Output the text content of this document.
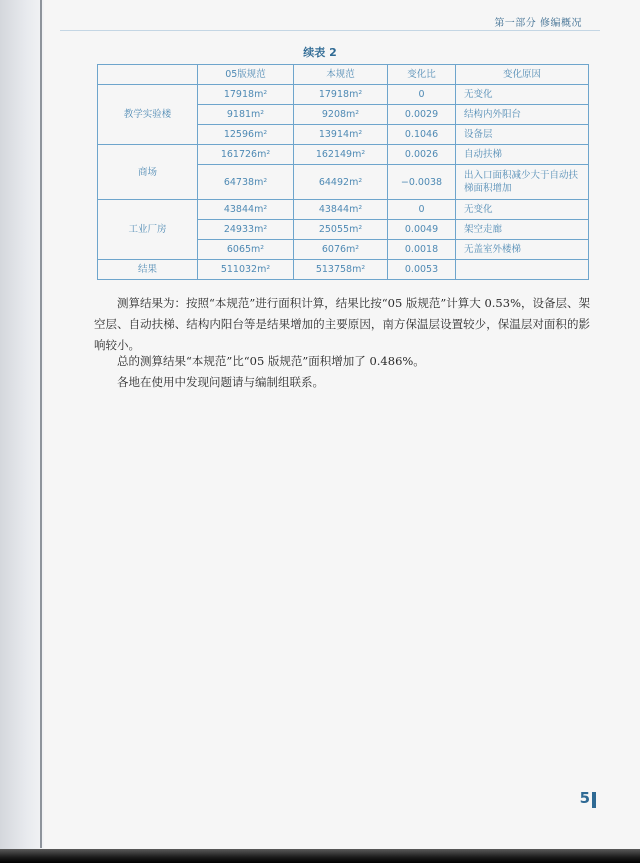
第一部分 修编概况
续表 2
	05版规范	本规范	变化比	变化原因
教学实验楼	17918m²	17918m²	0	无变化
	9181m²	9208m²	0.0029	结构内外阳台
	12596m²	13914m²	0.1046	设备层
商场	161726m²	162149m²	0.0026	自动扶梯
	64738m²	64492m²	−0.0038	出入口面积减少大于自动扶梯面积增加
工业厂房	43844m²	43844m²	0	无变化
	24933m²	25055m²	0.0049	架空走廊
	6065m²	6076m²	0.0018	无盖室外楼梯
结果	511032m²	513758m²	0.0053	
测算结果为：按照“本规范”进行面积计算，结果比按“05 版规范”计算大 0.53%，设备层、架空层、自动扶梯、结构内阳台等是结果增加的主要原因，南方保温层设置较少，保温层对面积的影响较小。
总的测算结果“本规范”比“05 版规范”面积增加了 0.486%。
各地在使用中发现问题请与编制组联系。
5
